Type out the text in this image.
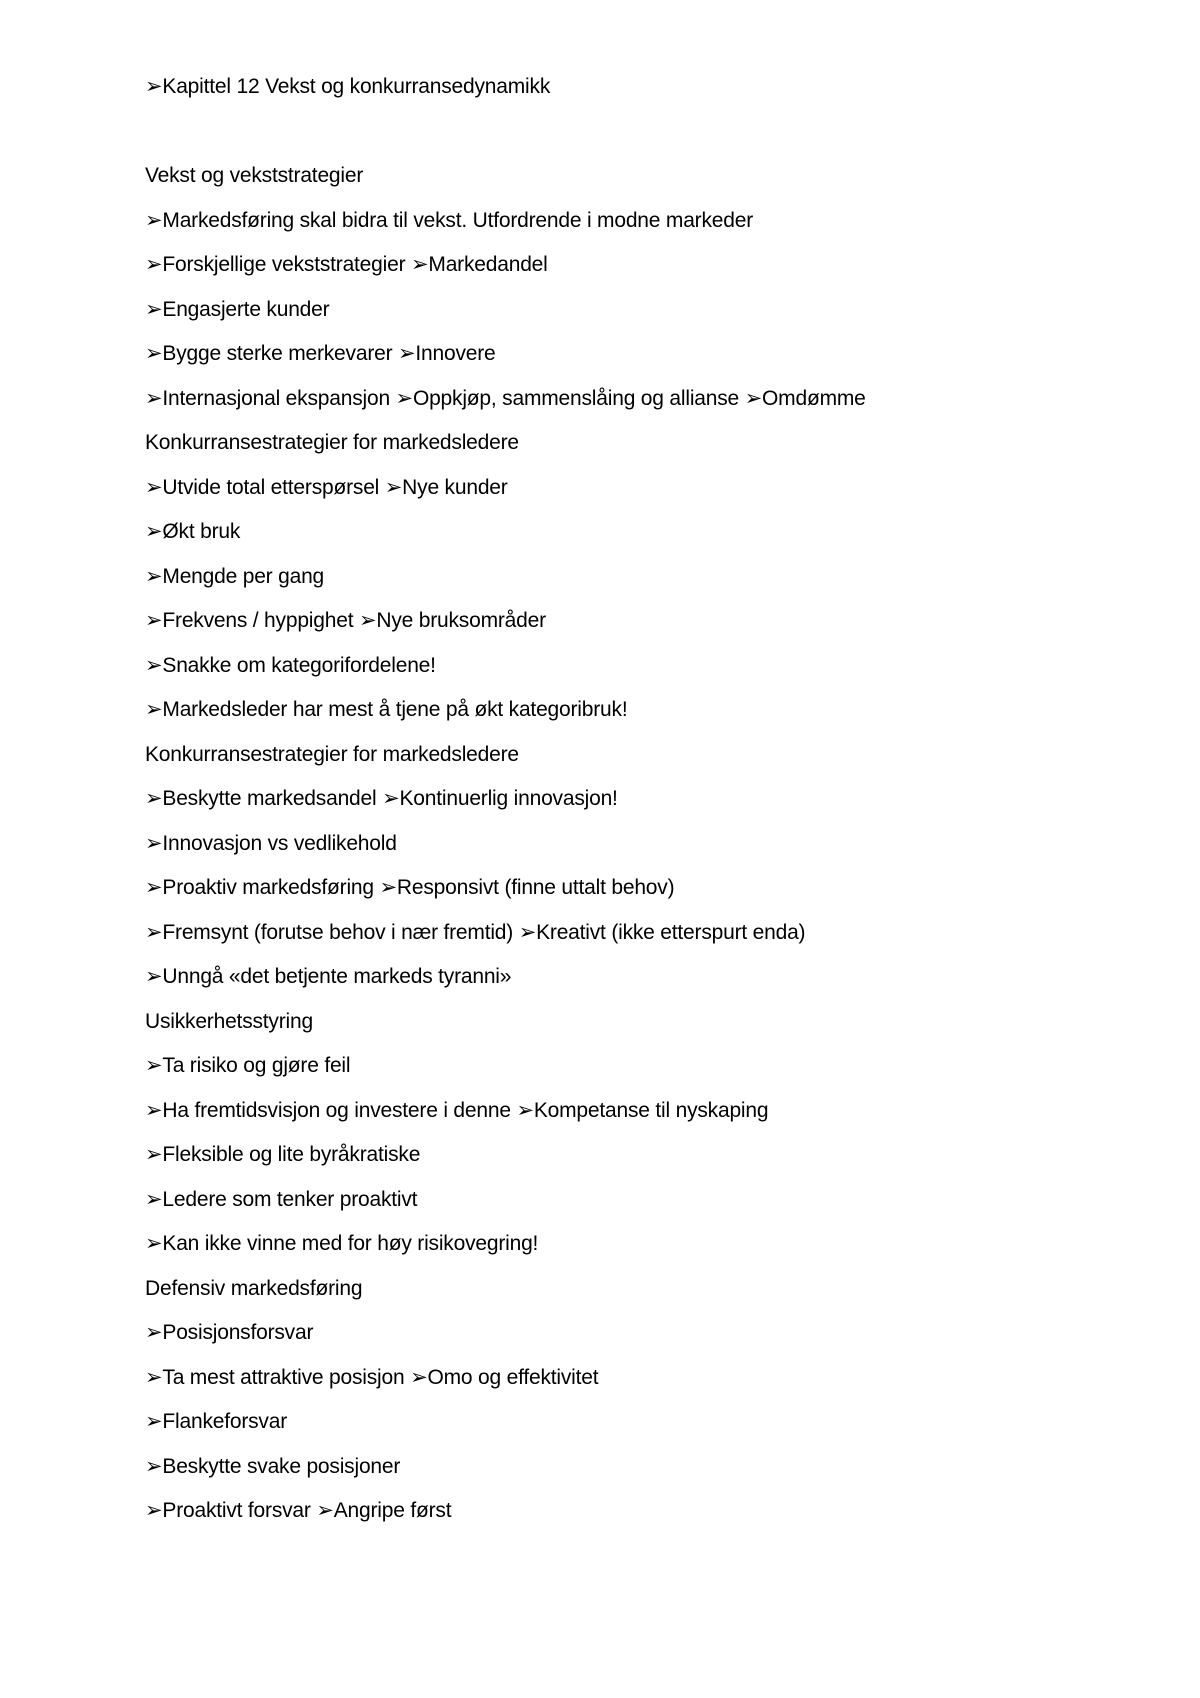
➢Kapittel 12 Vekst og konkurransedynamikk
Vekst og vekststrategier
➢Markedsføring skal bidra til vekst. Utfordrende i modne markeder
➢Forskjellige vekststrategier ➢Markedandel
➢Engasjerte kunder
➢Bygge sterke merkevarer ➢Innovere
➢Internasjonal ekspansjon ➢Oppkjøp, sammenslåing og allianse ➢Omdømme
Konkurransestrategier for markedsledere
➢Utvide total etterspørsel ➢Nye kunder
➢Økt bruk
➢Mengde per gang
➢Frekvens / hyppighet ➢Nye bruksområder
➢Snakke om kategorifordelene!
➢Markedsleder har mest å tjene på økt kategoribruk!
Konkurransestrategier for markedsledere
➢Beskytte markedsandel ➢Kontinuerlig innovasjon!
➢Innovasjon vs vedlikehold
➢Proaktiv markedsføring ➢Responsivt (finne uttalt behov)
➢Fremsynt (forutse behov i nær fremtid) ➢Kreativt (ikke etterspurt enda)
➢Unngå «det betjente markeds tyranni»
Usikkerhetsstyring
➢Ta risiko og gjøre feil
➢Ha fremtidsvisjon og investere i denne ➢Kompetanse til nyskaping
➢Fleksible og lite byråkratiske
➢Ledere som tenker proaktivt
➢Kan ikke vinne med for høy risikovegring!
Defensiv markedsføring
➢Posisjonsforsvar
➢Ta mest attraktive posisjon ➢Omo og effektivitet
➢Flankeforsvar
➢Beskytte svake posisjoner
➢Proaktivt forsvar ➢Angripe først
